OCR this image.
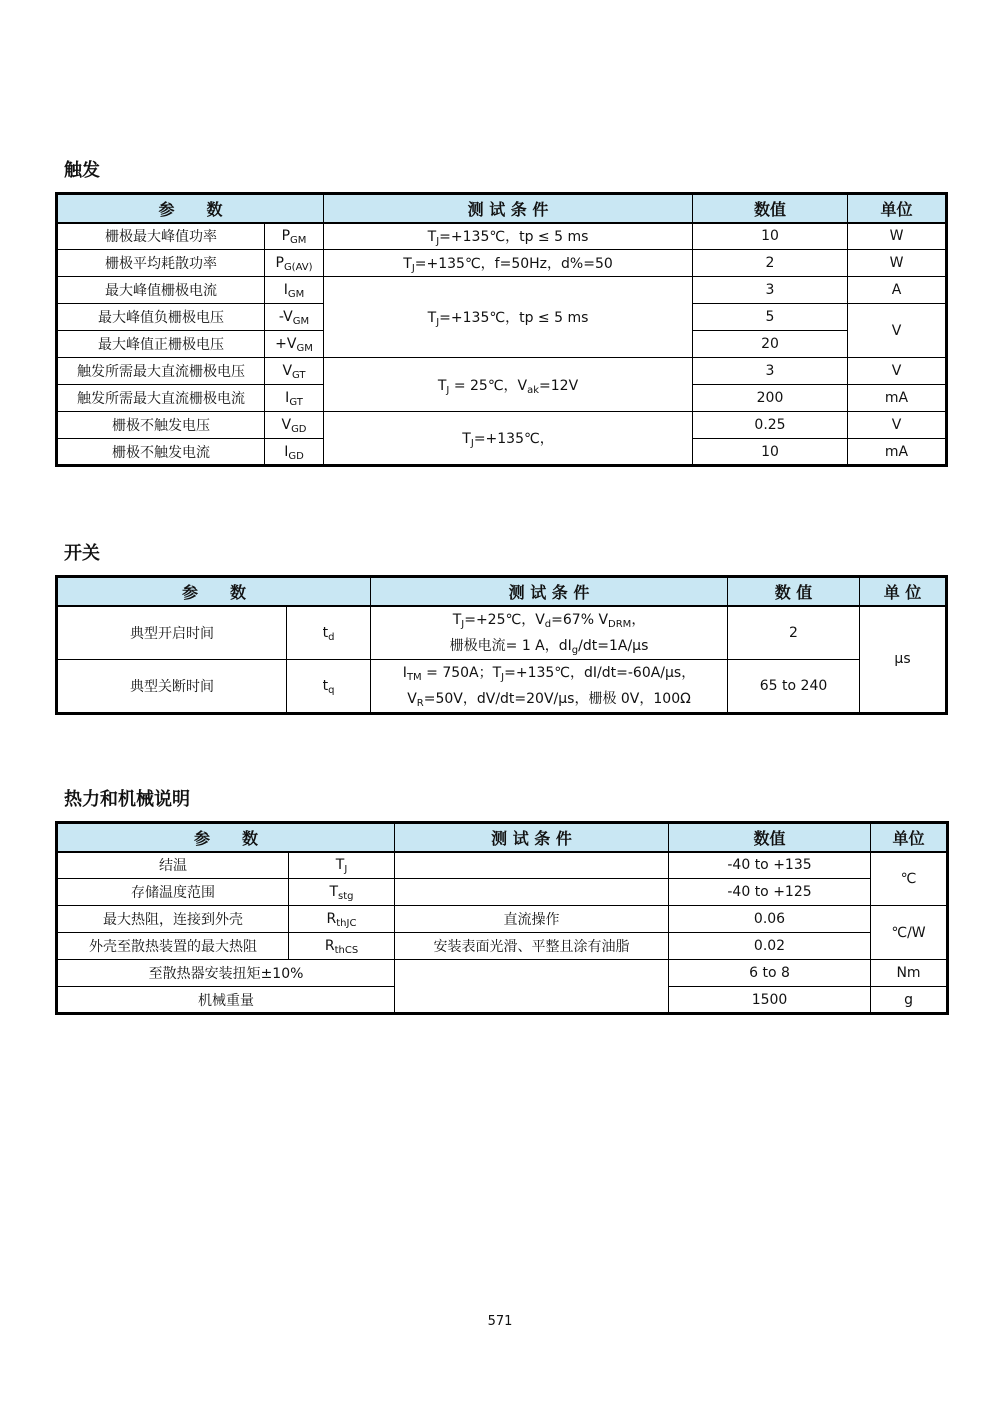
触发
参　　数		测 试 条 件	数值	单位
栅极最大峰值功率	$P_{GM}$	$T_J=+135℃$，tp ≤ 5 ms	10	W
栅极平均耗散功率	$P_{G(AV)}$	$T_J=+135℃$，f=50Hz，d%=50	2	W
最大峰值栅极电流	$I_{GM}$	$T_J=+135℃$，tp ≤ 5 ms	3	A
最大峰值负栅极电压	$-V_{GM}$		5	V
最大峰值正栅极电压	$+V_{GM}$		20	
触发所需最大直流栅极电压	$V_{GT}$	$T_J$ = 25℃，$V_{ak}=12V$	3	V
触发所需最大直流栅极电流	$I_{GT}$		200	mA
栅极不触发电压	$V_{GD}$	$T_J=+135℃$，	0.25	V
栅极不触发电流	$I_{GD}$		10	mA
开关
参　　数		测 试 条 件	数 值	单 位
典型开启时间	$t_d$	$T_J=+25℃$，$V_d=67\%$ $V_{DRM}$，
栅极电流= 1 A，$dI_g/dt=1A/\mu s$	2	μs
典型关断时间	$t_q$	$I_{TM} = 750A$；$T_J=+135℃$，dI/dt=-60A/μs，
$V_R=50V$，dV/dt=20V/μs，栅极 0V，100Ω	65 to 240	
热力和机械说明
参　　数		测 试 条 件	数值	单位
结温	$T_J$		-40 to +135	℃
存储温度范围	$T_{stg}$		-40 to +125	
最大热阻，连接到外壳	$R_{thJC}$	直流操作	0.06	℃/W
外壳至散热装置的最大热阻	$R_{thCS}$	安装表面光滑、平整且涂有油脂	0.02	
至散热器安装扭矩±10%			6 to 8	Nm
机械重量			1500	g
571
